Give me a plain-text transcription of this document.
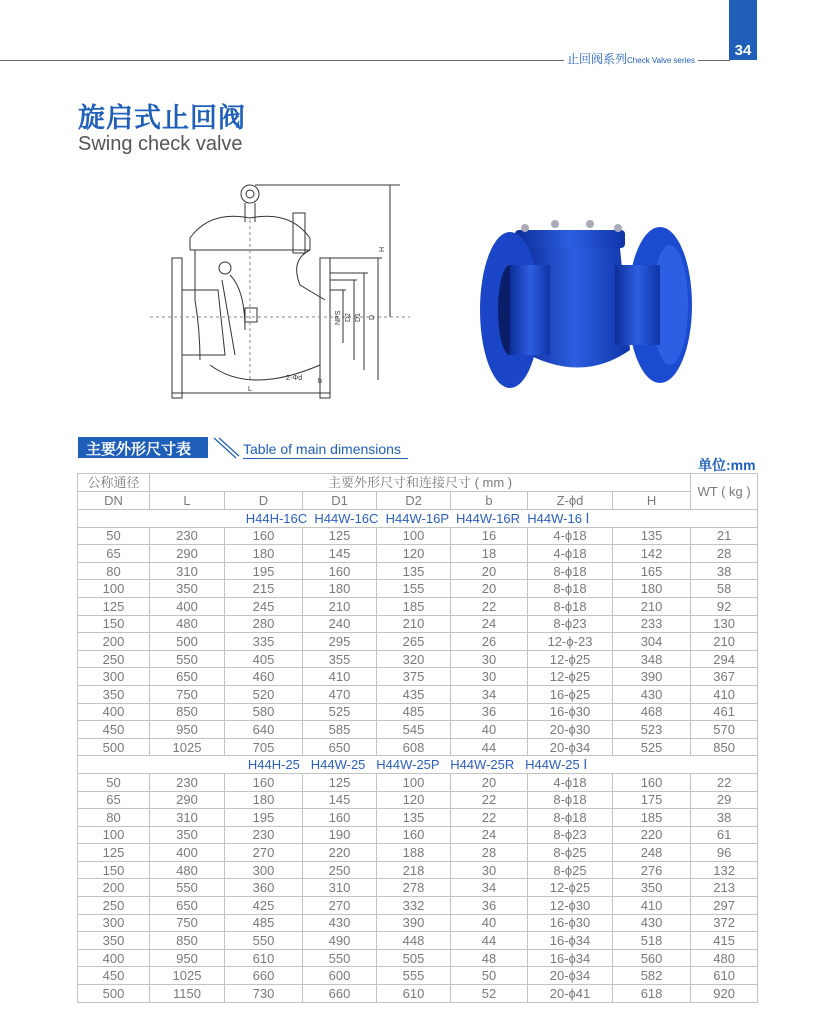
34
止回阀系列Check Valve series
旋启式止回阀
Swing check valve
H
D
D1
D2
NPS
Z-Φd b
L
主要外形尺寸表	Table of main dimensions
单位:mm
公称通径	主要外形尺寸和连接尺寸 ( mm )							WT ( kg )
DN	L	D	D1	D2	b	Z-ϕd	H	
H44H-16C  H44W-16C  H44W-16P  H44W-16R  H44W-16 Ⅰ								
50	230	160	125	100	16	4-ϕ18	135	21
65	290	180	145	120	18	4-ϕ18	142	28
80	310	195	160	135	20	8-ϕ18	165	38
100	350	215	180	155	20	8-ϕ18	180	58
125	400	245	210	185	22	8-ϕ18	210	92
150	480	280	240	210	24	8-ϕ23	233	130
200	500	335	295	265	26	12-ϕ-23	304	210
250	550	405	355	320	30	12-ϕ25	348	294
300	650	460	410	375	30	12-ϕ25	390	367
350	750	520	470	435	34	16-ϕ25	430	410
400	850	580	525	485	36	16-ϕ30	468	461
450	950	640	585	545	40	20-ϕ30	523	570
500	1025	705	650	608	44	20-ϕ34	525	850
H44H-25   H44W-25   H44W-25P   H44W-25R   H44W-25 Ⅰ								
50	230	160	125	100	20	4-ϕ18	160	22
65	290	180	145	120	22	8-ϕ18	175	29
80	310	195	160	135	22	8-ϕ18	185	38
100	350	230	190	160	24	8-ϕ23	220	61
125	400	270	220	188	28	8-ϕ25	248	96
150	480	300	250	218	30	8-ϕ25	276	132
200	550	360	310	278	34	12-ϕ25	350	213
250	650	425	270	332	36	12-ϕ30	410	297
300	750	485	430	390	40	16-ϕ30	430	372
350	850	550	490	448	44	16-ϕ34	518	415
400	950	610	550	505	48	16-ϕ34	560	480
450	1025	660	600	555	50	20-ϕ34	582	610
500	1150	730	660	610	52	20-ϕ41	618	920
